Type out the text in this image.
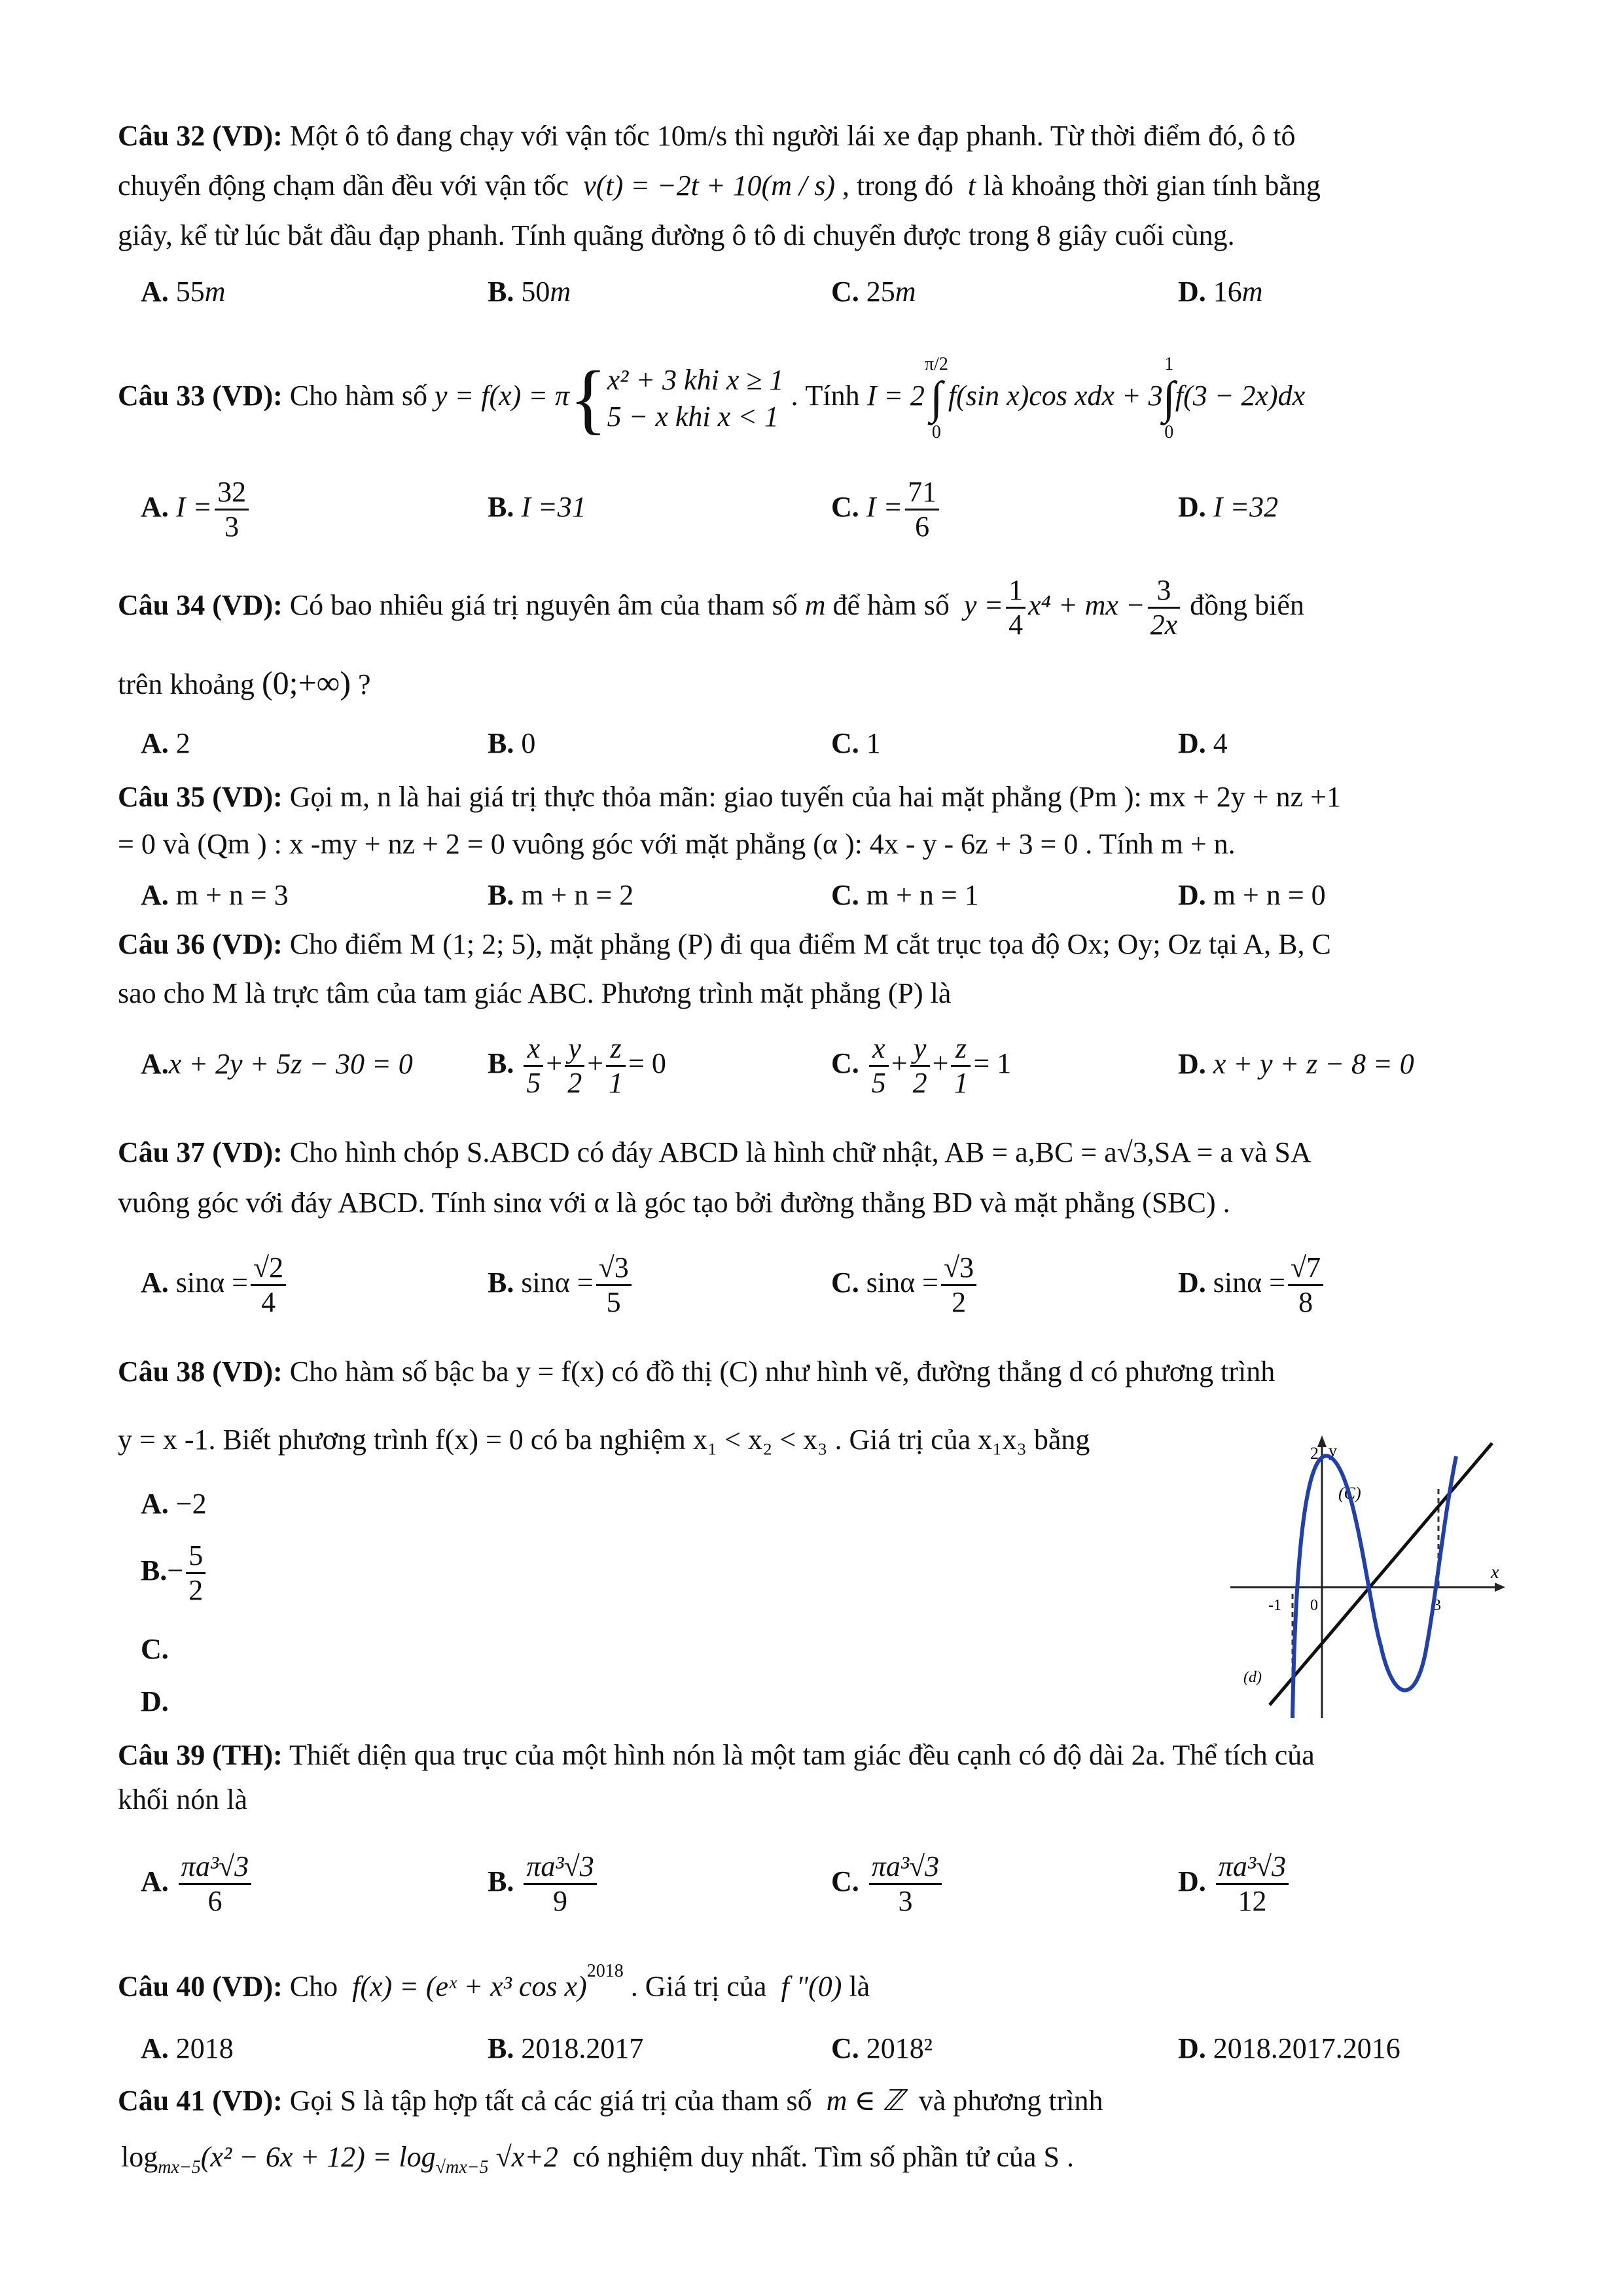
Câu 32 (VD): Một ô tô đang chạy với vận tốc 10m/s thì người lái xe đạp phanh. Từ thời điểm đó, ô tô
chuyển động chạm dần đều với vận tốc v(t) = −2t + 10(m / s) , trong đó t là khoảng thời gian tính bằng
giây, kể từ lúc bắt đầu đạp phanh. Tính quãng đường ô tô di chuyển được trong 8 giây cuối cùng.
A. 55m	B. 50m	C. 25m	D. 16m
Câu 33 (VD): Cho hàm số y = f(x) = π{ x² + 3 khi x ≥ 1
5 − x khi x < 1
. Tính I = 2
π/2
∫
0
f(sin x)cos xdx + 3
1
∫
0
f(3 − 2x)dx
A. $I = \frac{32}{3}$	B. I =31	C. $I = \frac{71}{6}$	D. I =32
Câu 34 (VD): Có bao nhiêu giá trị nguyên âm của tham số m để hàm số $y = \frac{1}{4} x^4$ + mx − $\frac{3}{2x}$ đồng biến
trên khoảng (0;+∞) ?
A. 2	B. 0	C. 1	D. 4
Câu 35 (VD): Gọi m, n là hai giá trị thực thỏa mãn: giao tuyến của hai mặt phẳng (Pm ): mx + 2y + nz +1
= 0 và (Qm ) : x -my + nz + 2 = 0 vuông góc với mặt phẳng (α ): 4x - y - 6z + 3 = 0 . Tính m + n.
A. m + n = 3	B. m + n = 2	C. m + n = 1	D. m + n = 0
Câu 36 (VD): Cho điểm M (1; 2; 5), mặt phẳng (P) đi qua điểm M cắt trục tọa độ Ox; Oy; Oz tại A, B, C
sao cho M là trực tâm của tam giác ABC. Phương trình mặt phẳng (P) là
A.x + 2y + 5z − 30 = 0	B. $\frac{x}{5} + \frac{y}{2} + \frac{z}{1} = 0$	C. $\frac{x}{5} + \frac{y}{2} + \frac{z}{1} = 1$	D. x + y + z − 8 = 0
Câu 37 (VD): Cho hình chóp S.ABCD có đáy ABCD là hình chữ nhật, AB = a,BC = a√3,SA = a và SA
vuông góc với đáy ABCD. Tính sinα với α là góc tạo bởi đường thẳng BD và mặt phẳng (SBC) .
A. $\sin\alpha = \frac{√2}{4}$	B. $\sin\alpha = \frac{√3}{5}$	C. $\sin\alpha = \frac{√3}{2}$	D. $\sin\alpha = \frac{√7}{8}$
Câu 38 (VD): Cho hàm số bậc ba y = f(x) có đồ thị (C) như hình vẽ, đường thẳng d có phương trình
y = x -1. Biết phương trình f(x) = 0 có ba nghiệm x₁ < x₂ < x₃ . Giá trị của x₁x₃ bằng
A. −2
$B.- \frac{5}{2}$
C.
D.
y
2
x
-1 0	3
(C)
(d)
Câu 39 (TH): Thiết diện qua trục của một hình nón là một tam giác đều cạnh có độ dài 2a. Thể tích của
khối nón là
A. $\frac{\text{πa³√3}}{6}$	B. $\frac{\text{πa³√3}}{9}$	C. $\frac{\text{πa³√3}}{3}$	D. $\frac{\text{πa³√3}}{12}$
Câu 40 (VD): Cho f(x) = (eˣ + x³ cos x)$^{2018}$ . Giá trị của f "(0) là
A. 2018	B. 2018.2017	C. 2018²	D. 2018.2017.2016
Câu 41 (VD): Gọi S là tập hợp tất cả các giá trị của tham số m ∈ ℤ và phương trình
$\log_{mx-5}(x^2 - 6x + 12) = \log_{√mx-5} √x+2$ có nghiệm duy nhất. Tìm số phần tử của S .
